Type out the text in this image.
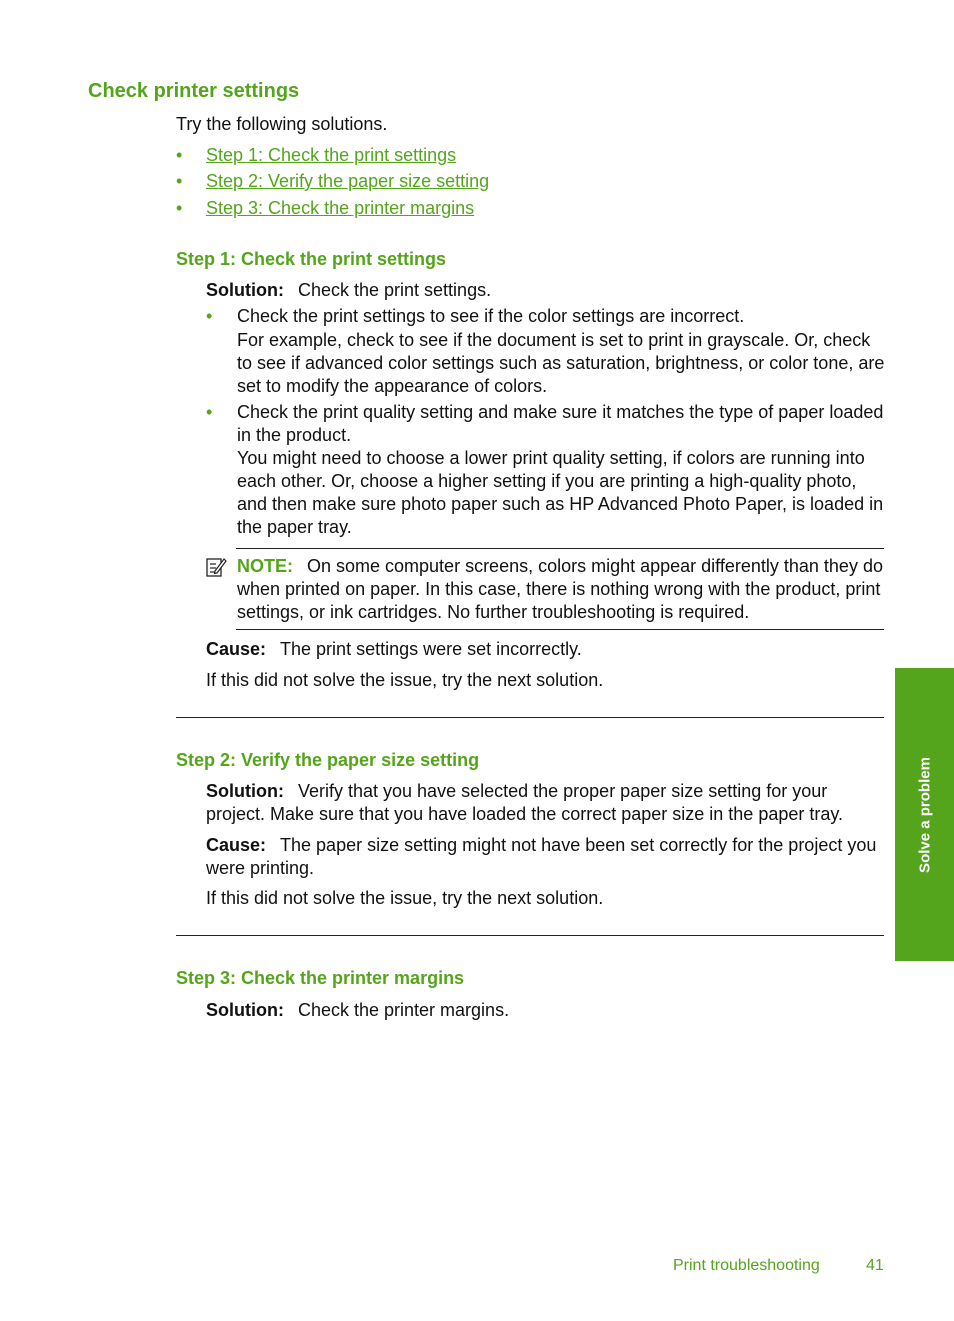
Check printer settings
Try the following solutions.
• Step 1: Check the print settings
• Step 2: Verify the paper size setting
• Step 3: Check the printer margins
Step 1: Check the print settings
Solution: Check the print settings.
• Check the print settings to see if the color settings are incorrect.
For example, check to see if the document is set to print in grayscale. Or, check to see if advanced color settings such as saturation, brightness, or color tone, are set to modify the appearance of colors.
• Check the print quality setting and make sure it matches the type of paper loaded in the product.
You might need to choose a lower print quality setting, if colors are running into each other. Or, choose a higher setting if you are printing a high-quality photo, and then make sure photo paper such as HP Advanced Photo Paper, is loaded in the paper tray.
NOTE: On some computer screens, colors might appear differently than they do when printed on paper. In this case, there is nothing wrong with the product, print settings, or ink cartridges. No further troubleshooting is required.
Cause: The print settings were set incorrectly.
If this did not solve the issue, try the next solution.
Step 2: Verify the paper size setting
Solution: Verify that you have selected the proper paper size setting for your project. Make sure that you have loaded the correct paper size in the paper tray.
Cause: The paper size setting might not have been set correctly for the project you were printing.
If this did not solve the issue, try the next solution.
Step 3: Check the printer margins
Solution: Check the printer margins.
Solve a problem
Print troubleshooting	41
